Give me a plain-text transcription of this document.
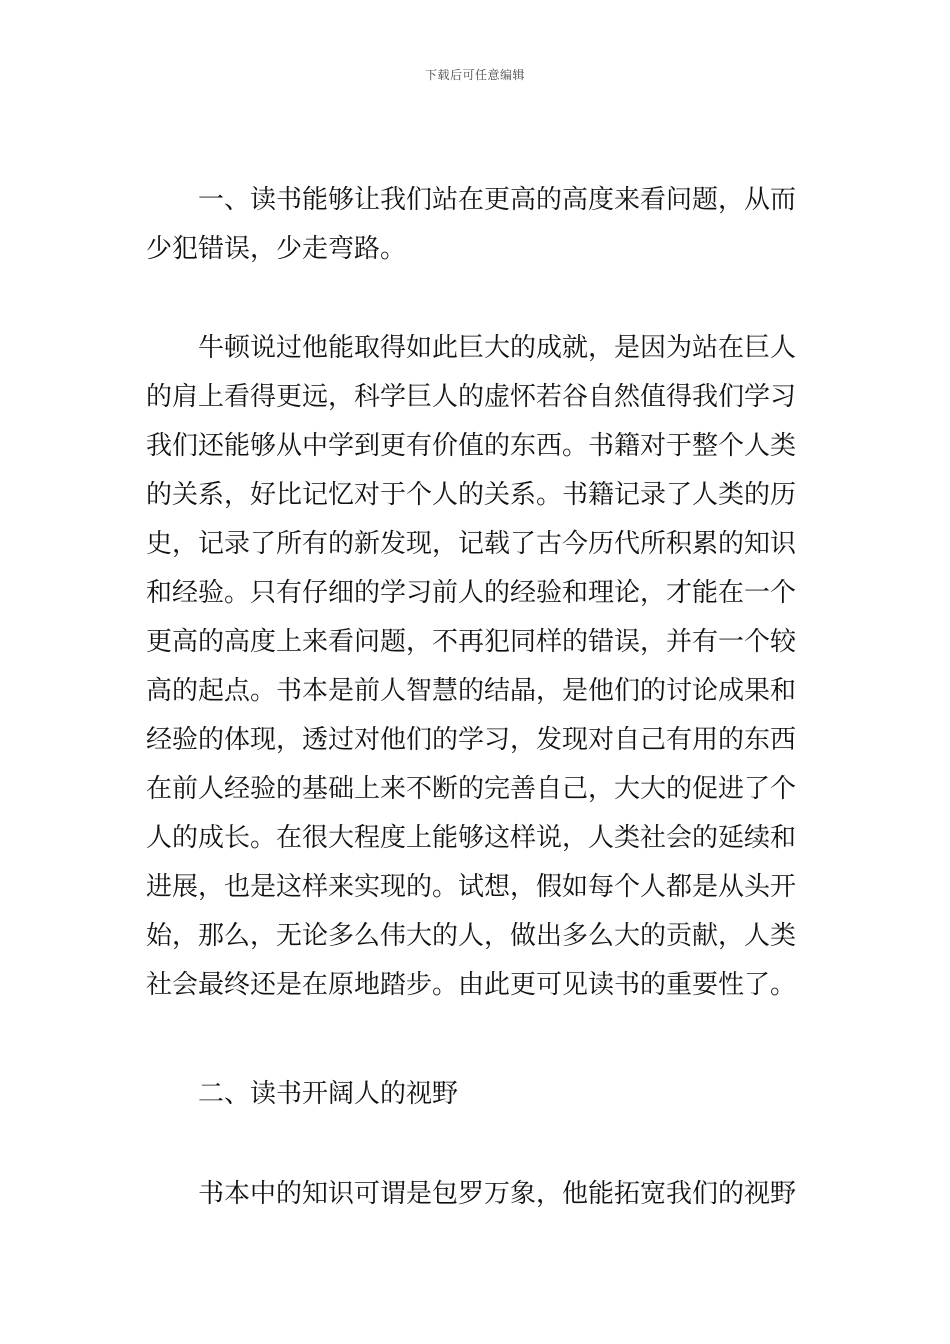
下载后可任意编辑
一、读书能够让我们站在更高的高度来看问题，从而
少犯错误，少走弯路。
牛顿说过他能取得如此巨大的成就，是因为站在巨人
的肩上看得更远，科学巨人的虚怀若谷自然值得我们学习
我们还能够从中学到更有价值的东西。书籍对于整个人类
的关系，好比记忆对于个人的关系。书籍记录了人类的历
史，记录了所有的新发现，记载了古今历代所积累的知识
和经验。只有仔细的学习前人的经验和理论，才能在一个
更高的高度上来看问题，不再犯同样的错误，并有一个较
高的起点。书本是前人智慧的结晶，是他们的讨论成果和
经验的体现，透过对他们的学习，发现对自己有用的东西
在前人经验的基础上来不断的完善自己，大大的促进了个
人的成长。在很大程度上能够这样说，人类社会的延续和
进展，也是这样来实现的。试想，假如每个人都是从头开
始，那么，无论多么伟大的人，做出多么大的贡献，人类
社会最终还是在原地踏步。由此更可见读书的重要性了。
二、读书开阔人的视野
书本中的知识可谓是包罗万象，他能拓宽我们的视野
